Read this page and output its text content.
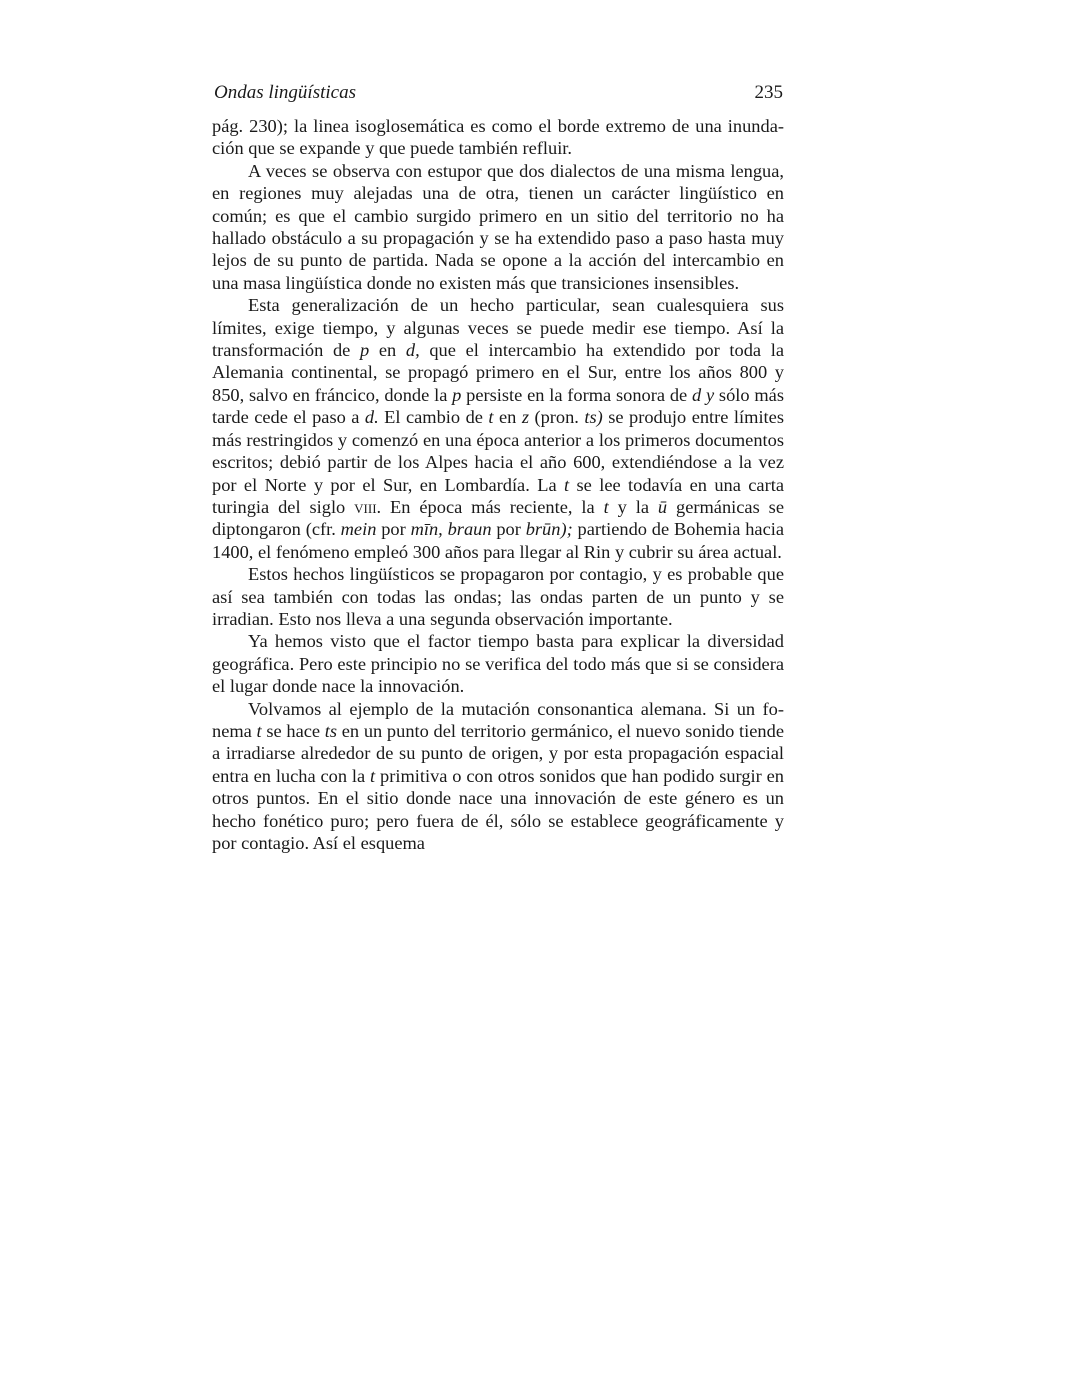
Ondas lingüísticas	235

pág. 230); la linea isoglosemática es como el borde extremo de una inundación que se expande y que puede también refluir.

A veces se observa con estupor que dos dialectos de una misma lengua, en regiones muy alejadas una de otra, tienen un carácter lingüístico en común; es que el cambio surgido primero en un sitio del territorio no ha hallado obstáculo a su propagación y se ha extendido paso a paso hasta muy lejos de su punto de partida. Nada se opone a la acción del intercambio en una masa lingüística donde no existen más que transiciones insensibles.

Esta generalización de un hecho particular, sean cualesquiera sus límites, exige tiempo, y algunas veces se puede medir ese tiempo. Así la transformación de p en d, que el intercambio ha extendido por toda la Alemania continental, se propagó primero en el Sur, entre los años 800 y 850, salvo en fráncico, donde la p persiste en la forma sonora de d y sólo más tarde cede el paso a d. El cambio de t en z (pron. ts) se produjo entre límites más restringidos y comenzó en una época anterior a los primeros documentos escritos; debió partir de los Alpes hacia el año 600, extendiéndose a la vez por el Norte y por el Sur, en Lombardía. La t se lee todavía en una carta turingia del siglo viii. En época más reciente, la t y la ū germánicas se diptongaron (cfr. mein por mīn, braun por brūn); partiendo de Bohemia hacia 1400, el fenómeno empleó 300 años para llegar al Rin y cubrir su área actual.

Estos hechos lingüísticos se propagaron por contagio, y es probable que así sea también con todas las ondas; las ondas parten de un punto y se irradian. Esto nos lleva a una segunda observación importante.

Ya hemos visto que el factor tiempo basta para explicar la diversidad geográfica. Pero este principio no se verifica del todo más que si se considera el lugar donde nace la innovación.

Volvamos al ejemplo de la mutación consonantica alemana. Si un fonema t se hace ts en un punto del territorio germánico, el nuevo sonido tiende a irradiarse alrededor de su punto de origen, y por esta propagación espacial entra en lucha con la t primitiva o con otros sonidos que han podido surgir en otros puntos. En el sitio donde nace una innovación de este género es un hecho fonético puro; pero fuera de él, sólo se establece geográficamente y por contagio. Así el esquema
